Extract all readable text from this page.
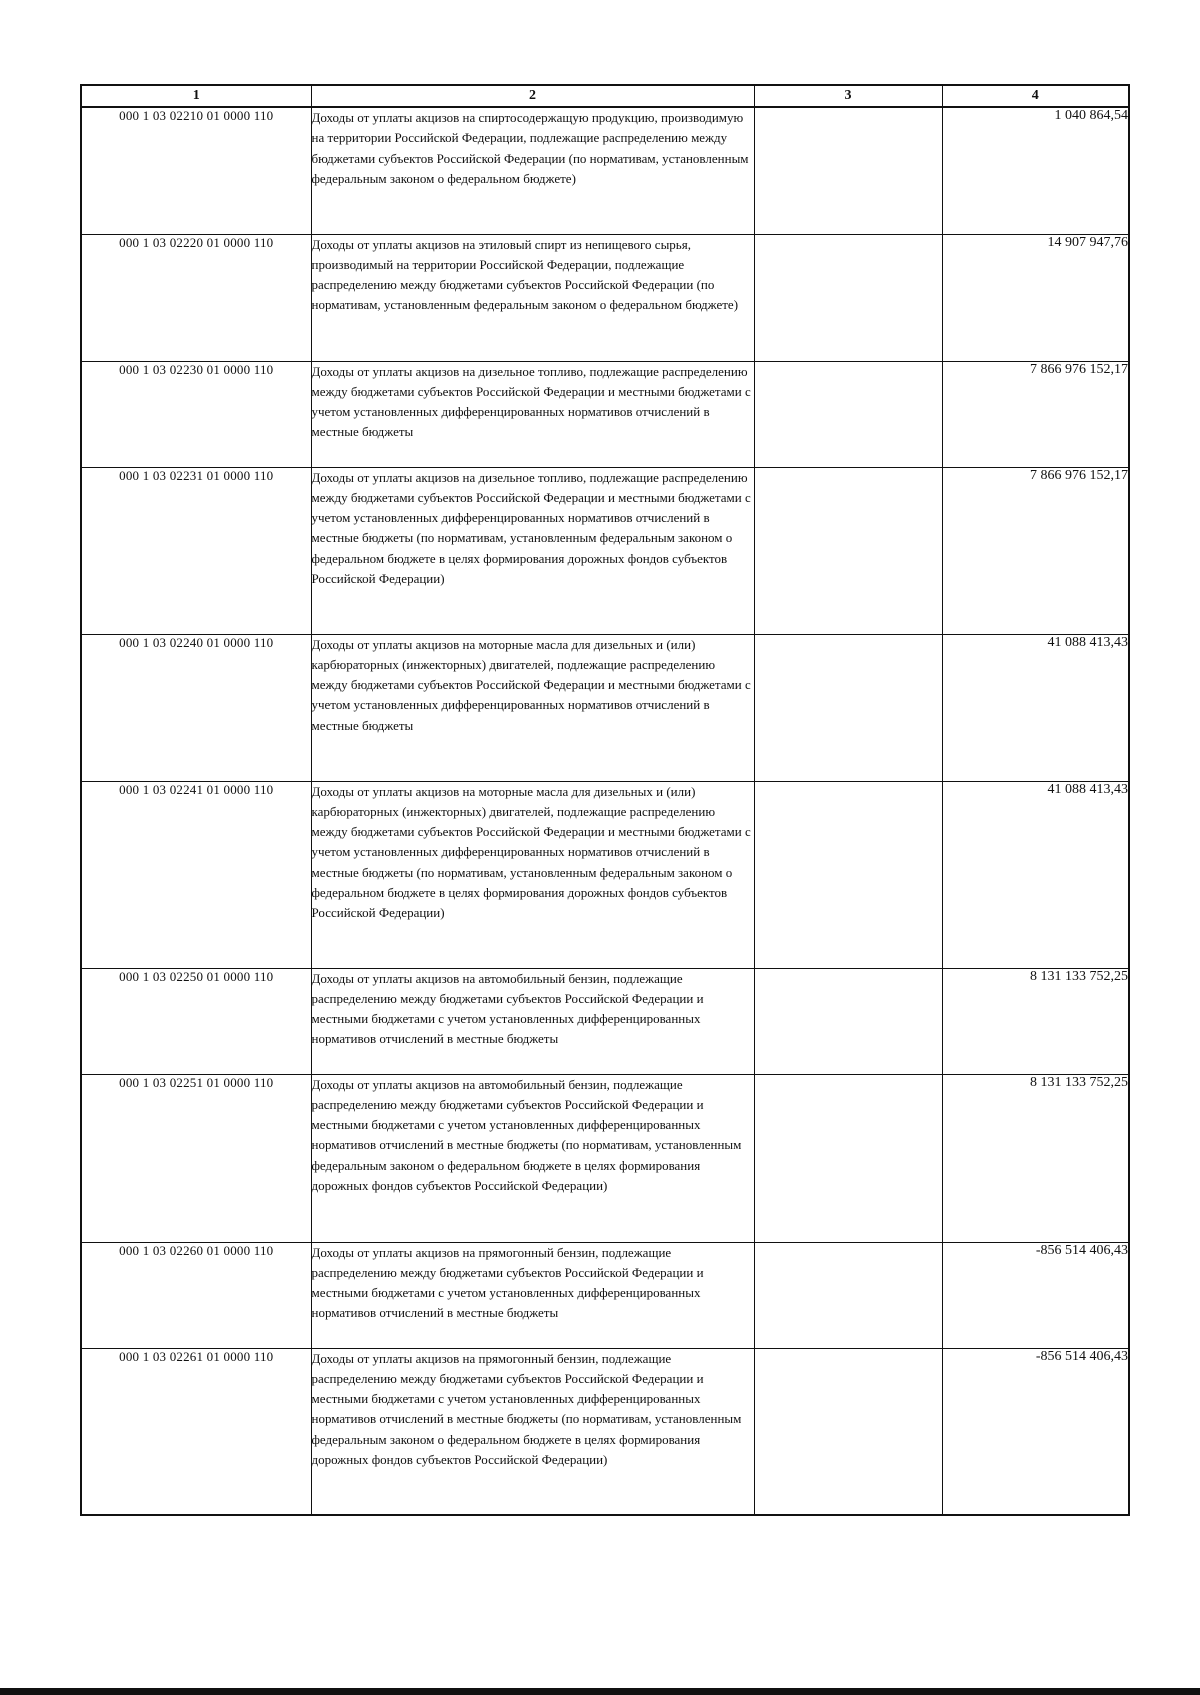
1	2	3	4
000 1 03 02210 01 0000 110	Доходы от уплаты акцизов на спиртосодержащую продукцию, производимую на территории Российской Федерации, подлежащие распределению между бюджетами субъектов Российской Федерации (по нормативам, установленным федеральным законом о федеральном бюджете)		1 040 864,54
000 1 03 02220 01 0000 110	Доходы от уплаты акцизов на этиловый спирт из непищевого сырья, производимый на территории Российской Федерации, подлежащие распределению между бюджетами субъектов Российской Федерации (по нормативам, установленным федеральным законом о федеральном бюджете)		14 907 947,76
000 1 03 02230 01 0000 110	Доходы от уплаты акцизов на дизельное топливо, подлежащие распределению между бюджетами субъектов Российской Федерации и местными бюджетами с учетом установленных дифференцированных нормативов отчислений в местные бюджеты		7 866 976 152,17
000 1 03 02231 01 0000 110	Доходы от уплаты акцизов на дизельное топливо, подлежащие распределению между бюджетами субъектов Российской Федерации и местными бюджетами с учетом установленных дифференцированных нормативов отчислений в местные бюджеты (по нормативам, установленным федеральным законом о федеральном бюджете в целях формирования дорожных фондов субъектов Российской Федерации)		7 866 976 152,17
000 1 03 02240 01 0000 110	Доходы от уплаты акцизов на моторные масла для дизельных и (или) карбюраторных (инжекторных) двигателей, подлежащие распределению между бюджетами субъектов Российской Федерации и местными бюджетами с учетом установленных дифференцированных нормативов отчислений в местные бюджеты		41 088 413,43
000 1 03 02241 01 0000 110	Доходы от уплаты акцизов на моторные масла для дизельных и (или) карбюраторных (инжекторных) двигателей, подлежащие распределению между бюджетами субъектов Российской Федерации и местными бюджетами с учетом установленных дифференцированных нормативов отчислений в местные бюджеты (по нормативам, установленным федеральным законом о федеральном бюджете в целях формирования дорожных фондов субъектов Российской Федерации)		41 088 413,43
000 1 03 02250 01 0000 110	Доходы от уплаты акцизов на автомобильный бензин, подлежащие распределению между бюджетами субъектов Российской Федерации и местными бюджетами с учетом установленных дифференцированных нормативов отчислений в местные бюджеты		8 131 133 752,25
000 1 03 02251 01 0000 110	Доходы от уплаты акцизов на автомобильный бензин, подлежащие распределению между бюджетами субъектов Российской Федерации и местными бюджетами с учетом установленных дифференцированных нормативов отчислений в местные бюджеты (по нормативам, установленным федеральным законом о федеральном бюджете в целях формирования дорожных фондов субъектов Российской Федерации)		8 131 133 752,25
000 1 03 02260 01 0000 110	Доходы от уплаты акцизов на прямогонный бензин, подлежащие распределению между бюджетами субъектов Российской Федерации и местными бюджетами с учетом установленных дифференцированных нормативов отчислений в местные бюджеты		-856 514 406,43
000 1 03 02261 01 0000 110	Доходы от уплаты акцизов на прямогонный бензин, подлежащие распределению между бюджетами субъектов Российской Федерации и местными бюджетами с учетом установленных дифференцированных нормативов отчислений в местные бюджеты (по нормативам, установленным федеральным законом о федеральном бюджете в целях формирования дорожных фондов субъектов Российской Федерации)		-856 514 406,43
